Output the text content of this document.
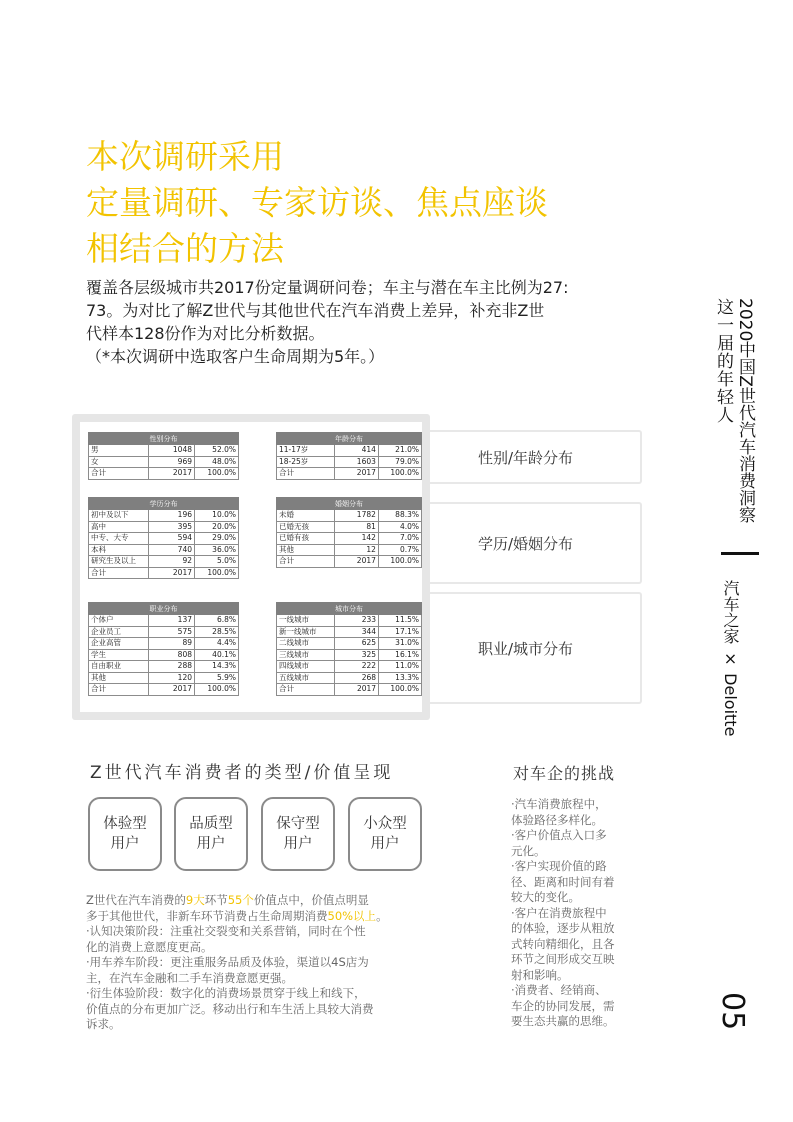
本次调研采用
定量调研、专家访谈、焦点座谈
相结合的方法

覆盖各层级城市共2017份定量调研问卷；车主与潜在车主比例为27:

73。为对比了解Z世代与其他世代在汽车消费上差异，补充非Z世

代样本128份作为对比分析数据。

（*本次调研中选取客户生命周期为5年。）

性别分布		
男	1048	52.0%
女	969	48.0%
合计	2017	100.0%
年龄分布		
11-17岁	414	21.0%
18-25岁	1603	79.0%
合计	2017	100.0%
学历分布		
初中及以下	196	10.0%
高中	395	20.0%
中专、大专	594	29.0%
本科	740	36.0%
研究生及以上	92	5.0%
合计	2017	100.0%
婚姻分布		
未婚	1782	88.3%
已婚无孩	81	4.0%
已婚有孩	142	7.0%
其他	12	0.7%
合计	2017	100.0%
职业分布		
个体户	137	6.8%
企业员工	575	28.5%
企业高管	89	4.4%
学生	808	40.1%
自由职业	288	14.3%
其他	120	5.9%
合计	2017	100.0%
城市分布		
一线城市	233	11.5%
新一线城市	344	17.1%
二线城市	625	31.0%
三线城市	325	16.1%
四线城市	222	11.0%
五线城市	268	13.3%
合计	2017	100.0%
性别/年龄分布
学历/婚姻分布
职业/城市分布
Z世代汽车消费者的类型/价值呈现
体验型
用户
品质型
用户
保守型
用户
小众型
用户

Z世代在汽车消费的9大环节55个价值点中，价值点明显

多于其他世代，非新车环节消费占生命周期消费50%以上。

·认知决策阶段：注重社交裂变和关系营销，同时在个性

化的消费上意愿度更高。

·用车养车阶段：更注重服务品质及体验，渠道以4S店为

主，在汽车金融和二手车消费意愿更强。

·衍生体验阶段：数字化的消费场景贯穿于线上和线下，

价值点的分布更加广泛。移动出行和车生活上具较大消费

诉求。

对车企的挑战
·汽车消费旅程中，
体验路径多样化。
·客户价值点入口多
元化。
·客户实现价值的路
径、距离和时间有着
较大的变化。
·客户在消费旅程中
的体验，逐步从粗放
式转向精细化，且各
环节之间形成交互映
射和影响。
·消费者、经销商、
车企的协同发展，需
要生态共赢的思维。
这一届的年轻人 2020中国Z世代汽车消费洞察
汽车之家 × Deloitte
05
